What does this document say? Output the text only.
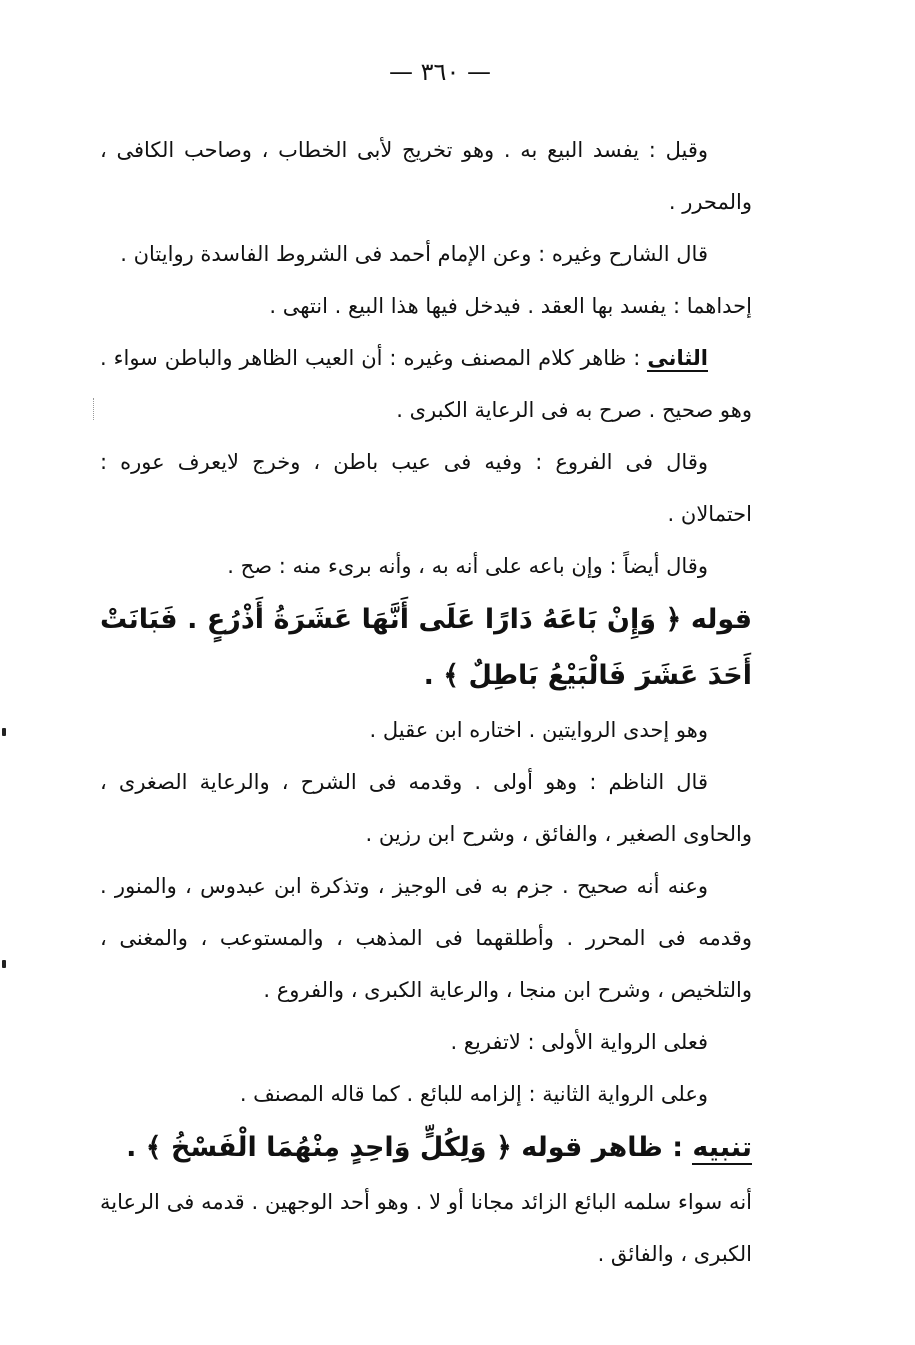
— ٣٦٠ —

وقيل : يفسد البيع به . وهو تخريج لأبى الخطاب ، وصاحب الكافى ، والمحرر .

قال الشارح وغيره : وعن الإمام أحمد فى الشروط الفاسدة روايتان .

إحداهما : يفسد بها العقد . فيدخل فيها هذا البيع . انتهى .

الثانى : ظاهر كلام المصنف وغيره : أن العيب الظاهر والباطن سواء . وهو صحيح . صرح به فى الرعاية الكبرى .

وقال فى الفروع : وفيه فى عيب باطن ، وخرج لايعرف عوره : احتمالان .

وقال أيضاً : وإن باعه على أنه به ، وأنه برىء منه : صح .

قوله ﴿ وَإِنْ بَاعَهُ دَارًا عَلَى أَنَّهَا عَشَرَةُ أَذْرُعٍ . فَبَانَتْ أَحَدَ عَشَرَ فَالْبَيْعُ بَاطِلٌ ﴾ .

وهو إحدى الروايتين . اختاره ابن عقيل .

قال الناظم : وهو أولى . وقدمه فى الشرح ، والرعاية الصغرى ، والحاوى الصغير ، والفائق ، وشرح ابن رزين .

وعنه أنه صحيح . جزم به فى الوجيز ، وتذكرة ابن عبدوس ، والمنور . وقدمه فى المحرر . وأطلقهما فى المذهب ، والمستوعب ، والمغنى ، والتلخيص ، وشرح ابن منجا ، والرعاية الكبرى ، والفروع .

فعلى الرواية الأولى : لاتفريع .

وعلى الرواية الثانية : إلزامه للبائع . كما قاله المصنف .

تنبيه : ظاهر قوله ﴿ وَلِكُلٍّ وَاحِدٍ مِنْهُمَا الْفَسْخُ ﴾ .

أنه سواء سلمه البائع الزائد مجانا أو لا . وهو أحد الوجهين . قدمه فى الرعاية الكبرى ، والفائق .
